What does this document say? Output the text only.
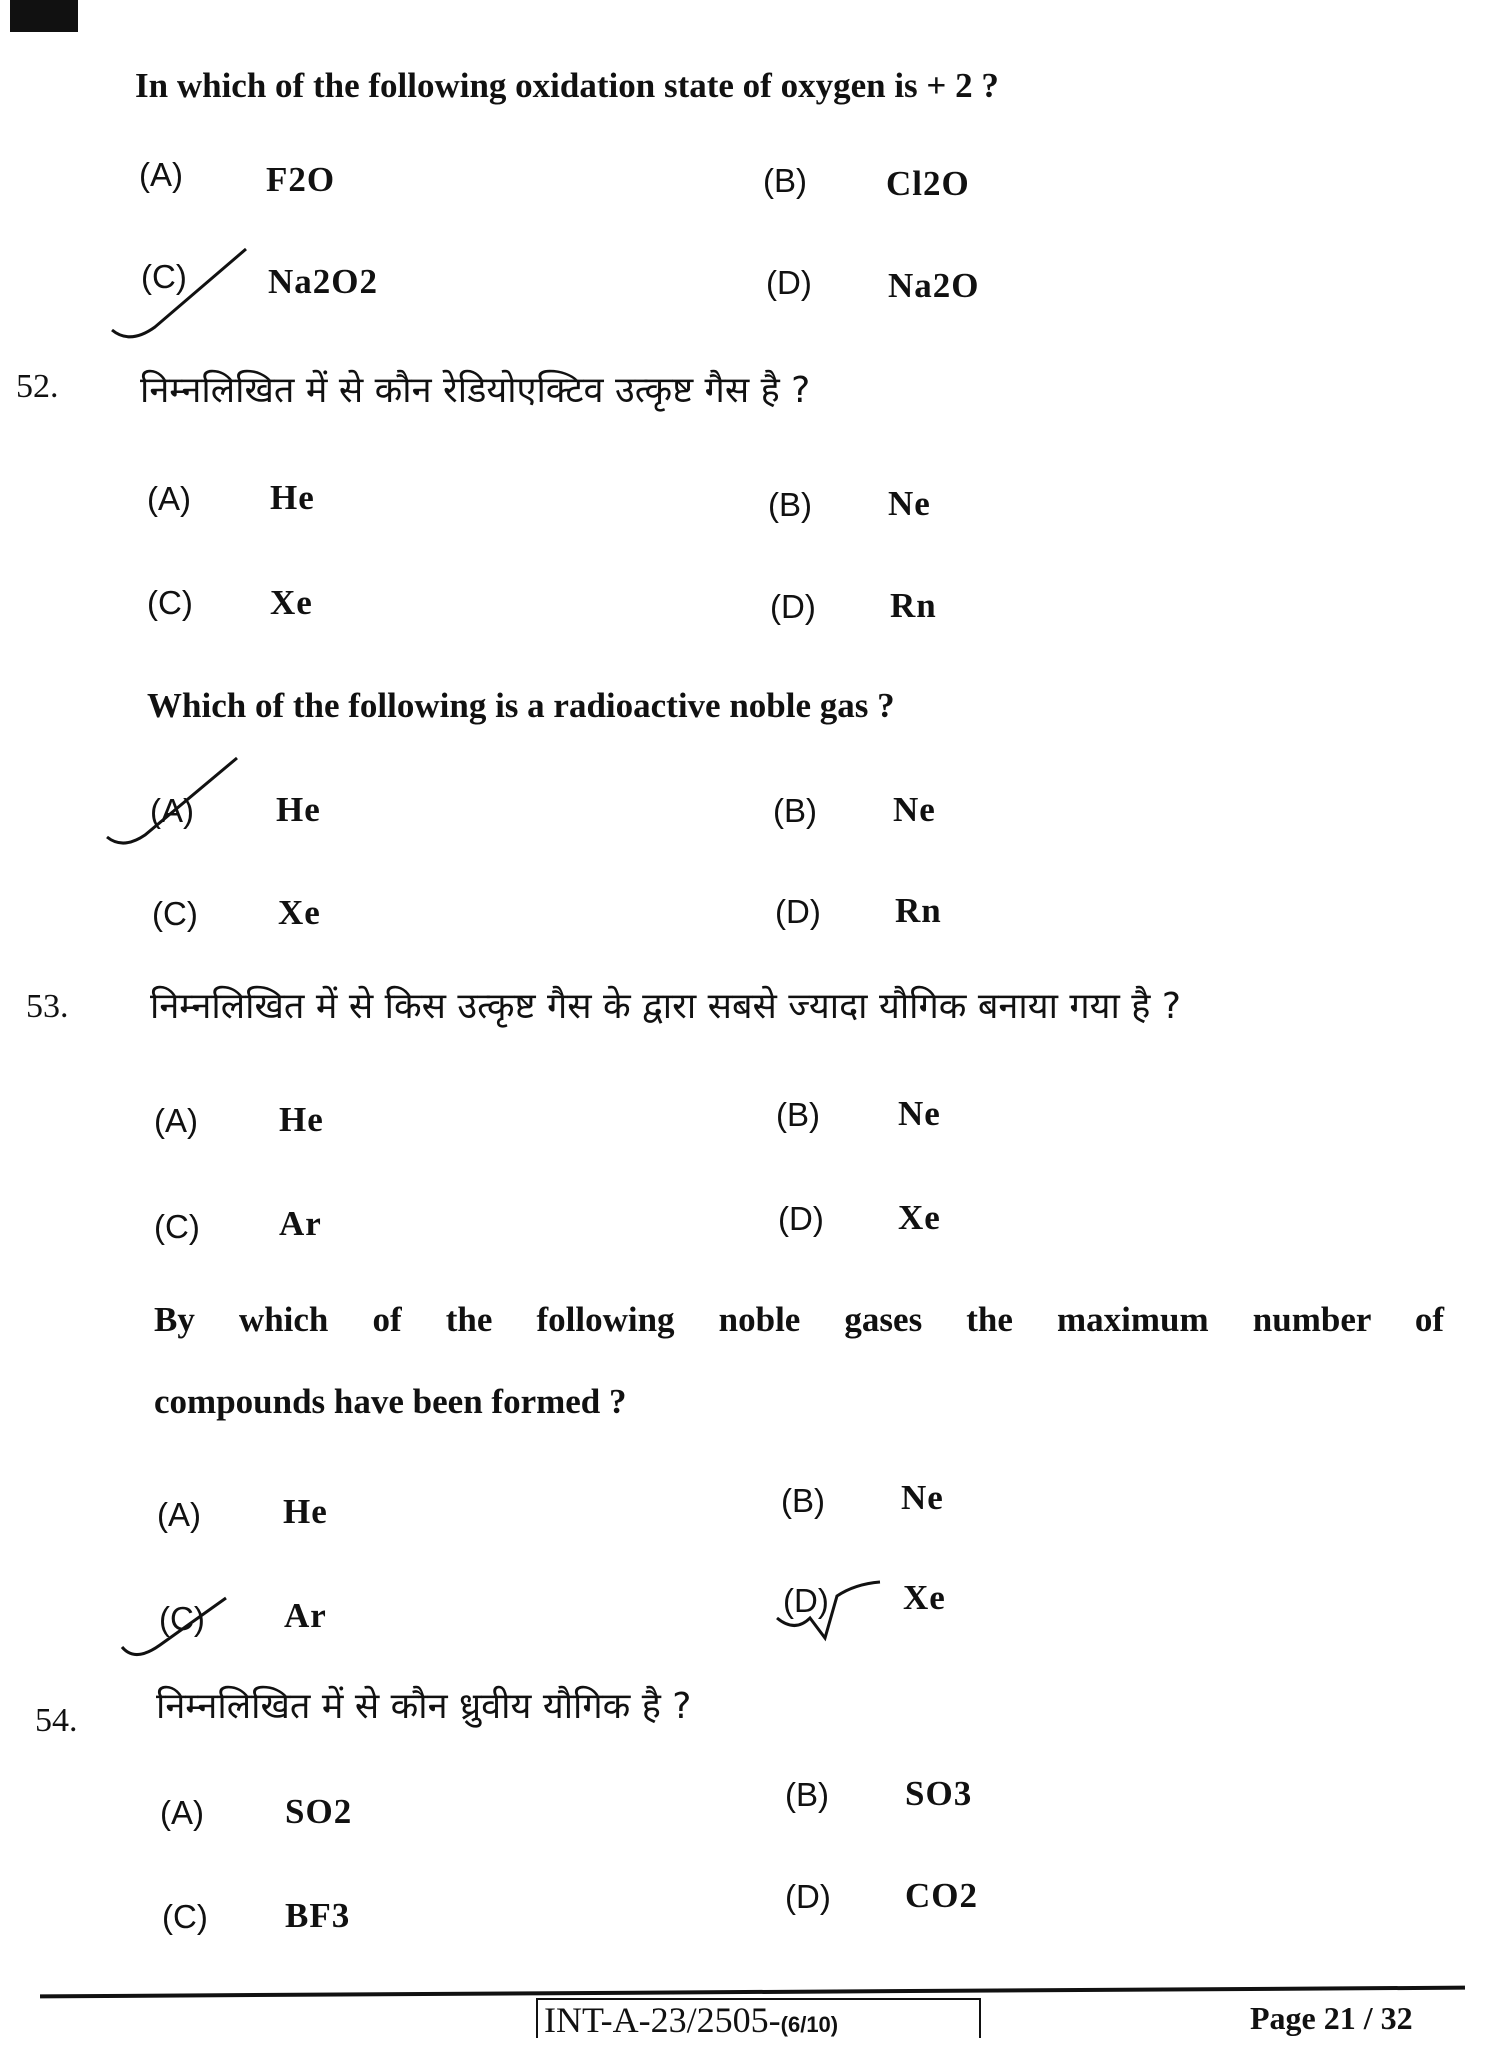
In which of the following oxidation state of oxygen is + 2 ?
(A) F2O	(B) Cl2O
(C) Na2O2	(D) Na2O
52. निम्नलिखित में से कौन रेडियोएक्टिव उत्कृष्ट गैस है ?
(A) He	(B) Ne
(C) Xe	(D) Rn
Which of the following is a radioactive noble gas ?
(A) He	(B) Ne
(C) Xe	(D) Rn
53. निम्नलिखित में से किस उत्कृष्ट गैस के द्वारा सबसे ज्यादा यौगिक बनाया गया है ?
(A) He	(B) Ne
(C) Ar	(D) Xe
By which of the following noble gases the maximum number of
compounds have been formed ?
(A) He	(B) Ne
(C) Ar	(D) Xe
54. निम्नलिखित में से कौन ध्रुवीय यौगिक है ?
(A) SO2	(B) SO3
(C) BF3	(D) CO2
INT-A-23/2505-(6/10)	Page 21 / 32
